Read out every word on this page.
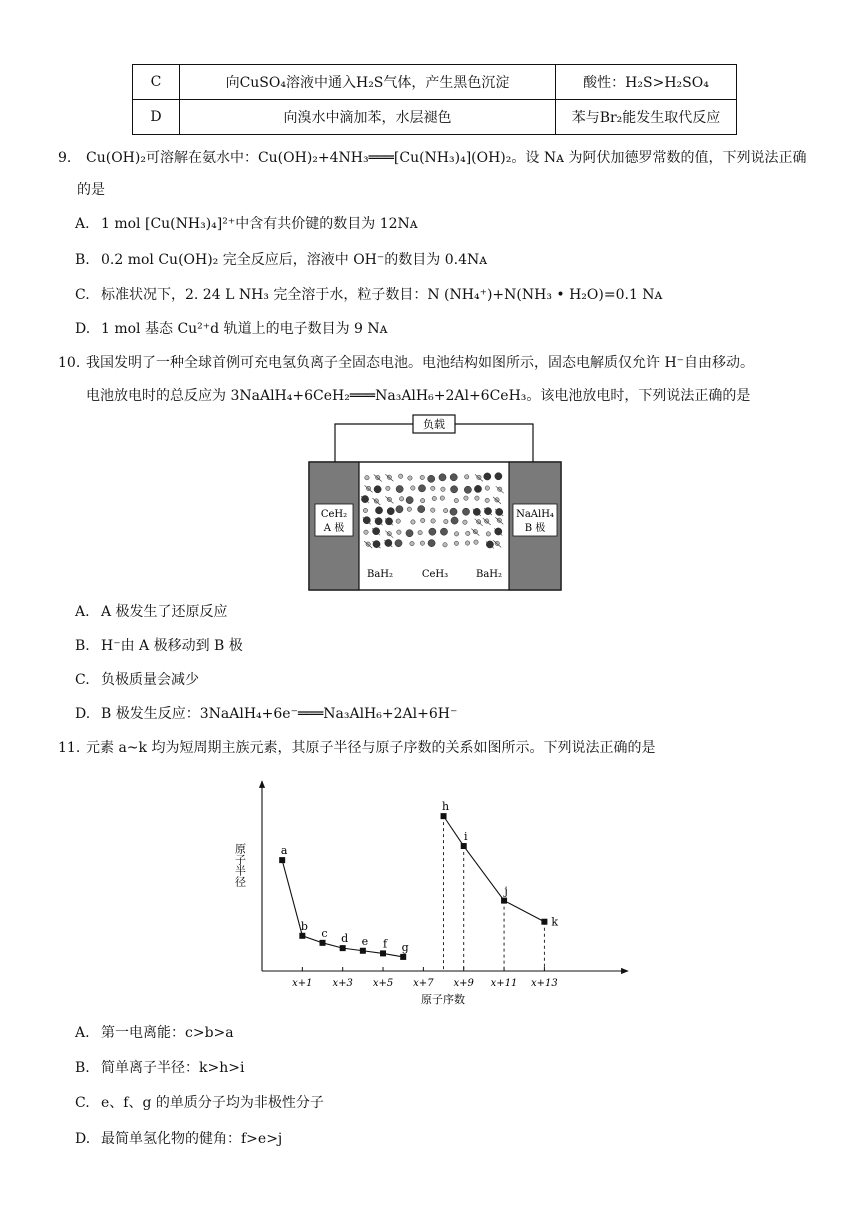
C	向CuSO₄溶液中通入H₂S气体，产生黑色沉淀	酸性：H₂S>H₂SO₄
D	向溴水中滴加苯，水层褪色	苯与Br₂能发生取代反应
9. Cu(OH)₂可溶解在氨水中：Cu(OH)₂+4NH₃═══[Cu(NH₃)₄](OH)₂。设 Nᴀ 为阿伏加德罗常数的值，下列说法正确
的是
A. 1 mol [Cu(NH₃)₄]²⁺中含有共价键的数目为 12Nᴀ
B. 0.2 mol Cu(OH)₂ 完全反应后，溶液中 OH⁻的数目为 0.4Nᴀ
C. 标准状况下，2. 24 L NH₃ 完全溶于水，粒子数目：N (NH₄⁺)+N(NH₃ • H₂O)=0.1 Nᴀ
D. 1 mol 基态 Cu²⁺d 轨道上的电子数目为 9 Nᴀ
10. 我国发明了一种全球首例可充电氢负离子全固态电池。电池结构如图所示，固态电解质仅允许 H⁻自由移动。
电池放电时的总反应为 3NaAlH₄+6CeH₂═══Na₃AlH₆+2Al+6CeH₃。该电池放电时，下列说法正确的是
负载
CeH₂
A 极
NaAlH₄
B 极
BaH₂	CeH₃	BaH₂
A. A 极发生了还原反应
B. H⁻由 A 极移动到 B 极
C. 负极质量会减少
D. B 极发生反应：3NaAlH₄+6e⁻═══Na₃AlH₆+2Al+6H⁻
11. 元素 a~k 均为短周期主族元素，其原子半径与原子序数的关系如图所示。下列说法正确的是
原子半径
原子序数
x+1 x+3 x+5 x+7 x+9 x+11 x+13
a
b
c d e f g
h
i
j
k
A. 第一电离能：c>b>a
B. 简单离子半径：k>h>i
C. e、f、g 的单质分子均为非极性分子
D. 最简单氢化物的健角：f>e>j
